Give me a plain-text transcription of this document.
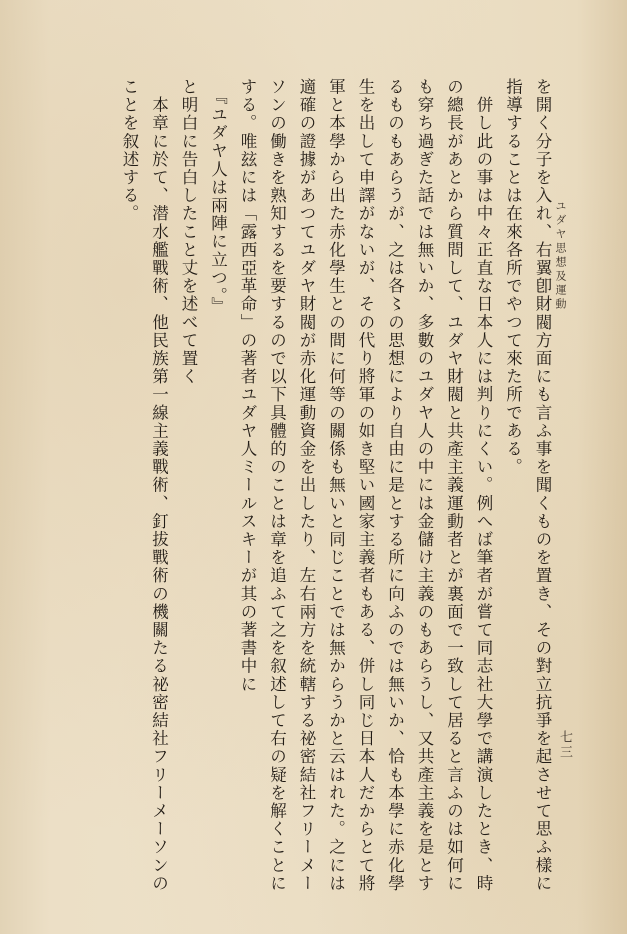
ユダヤ思想及運動
七三

を開く分子を入れ、右翼卽財閥方面にも言ふ事を聞くものを置き、その對立抗爭を起させて思ふ樣に

指導することは在來各所でやつて來た所である。

　併し此の事は中々正直な日本人には判りにくい。例へば筆者が嘗て同志社大學で講演したとき、時

の總長があとから質問して、ユダヤ財閥と共產主義運動者とが裏面で一致して居ると言ふのは如何に

も穿ち過ぎた話では無いか、多數のユダヤ人の中には金儲け主義のもあらうし、又共產主義を是とす

るものもあらうが、之は各〻の思想により自由に是とする所に向ふのでは無いか、恰も本學に赤化學

生を出して申譯がないが、その代り將軍の如き堅い國家主義者もある、併し同じ日本人だからとて將

軍と本學から出た赤化學生との間に何等の關係も無いと同じことでは無からうかと云はれた。之には

適確の證據があつてユダヤ財閥が赤化運動資金を出したり、左右兩方を統轄する祕密結社フリーメー

ソンの働きを熟知するを要するので以下具體的のことは章を追ふて之を叙述して右の疑を解くことに

する。唯玆には「露西亞革命」の著者ユダヤ人ミールスキーが其の著書中に

　『ユダヤ人は兩陣に立つ。』

と明白に告白したこと丈を述べて置く

　本章に於て、潜水艦戰術、他民族第一線主義戰術、釘拔戰術の機關たる祕密結社フリーメーソンの

ことを叙述する。
